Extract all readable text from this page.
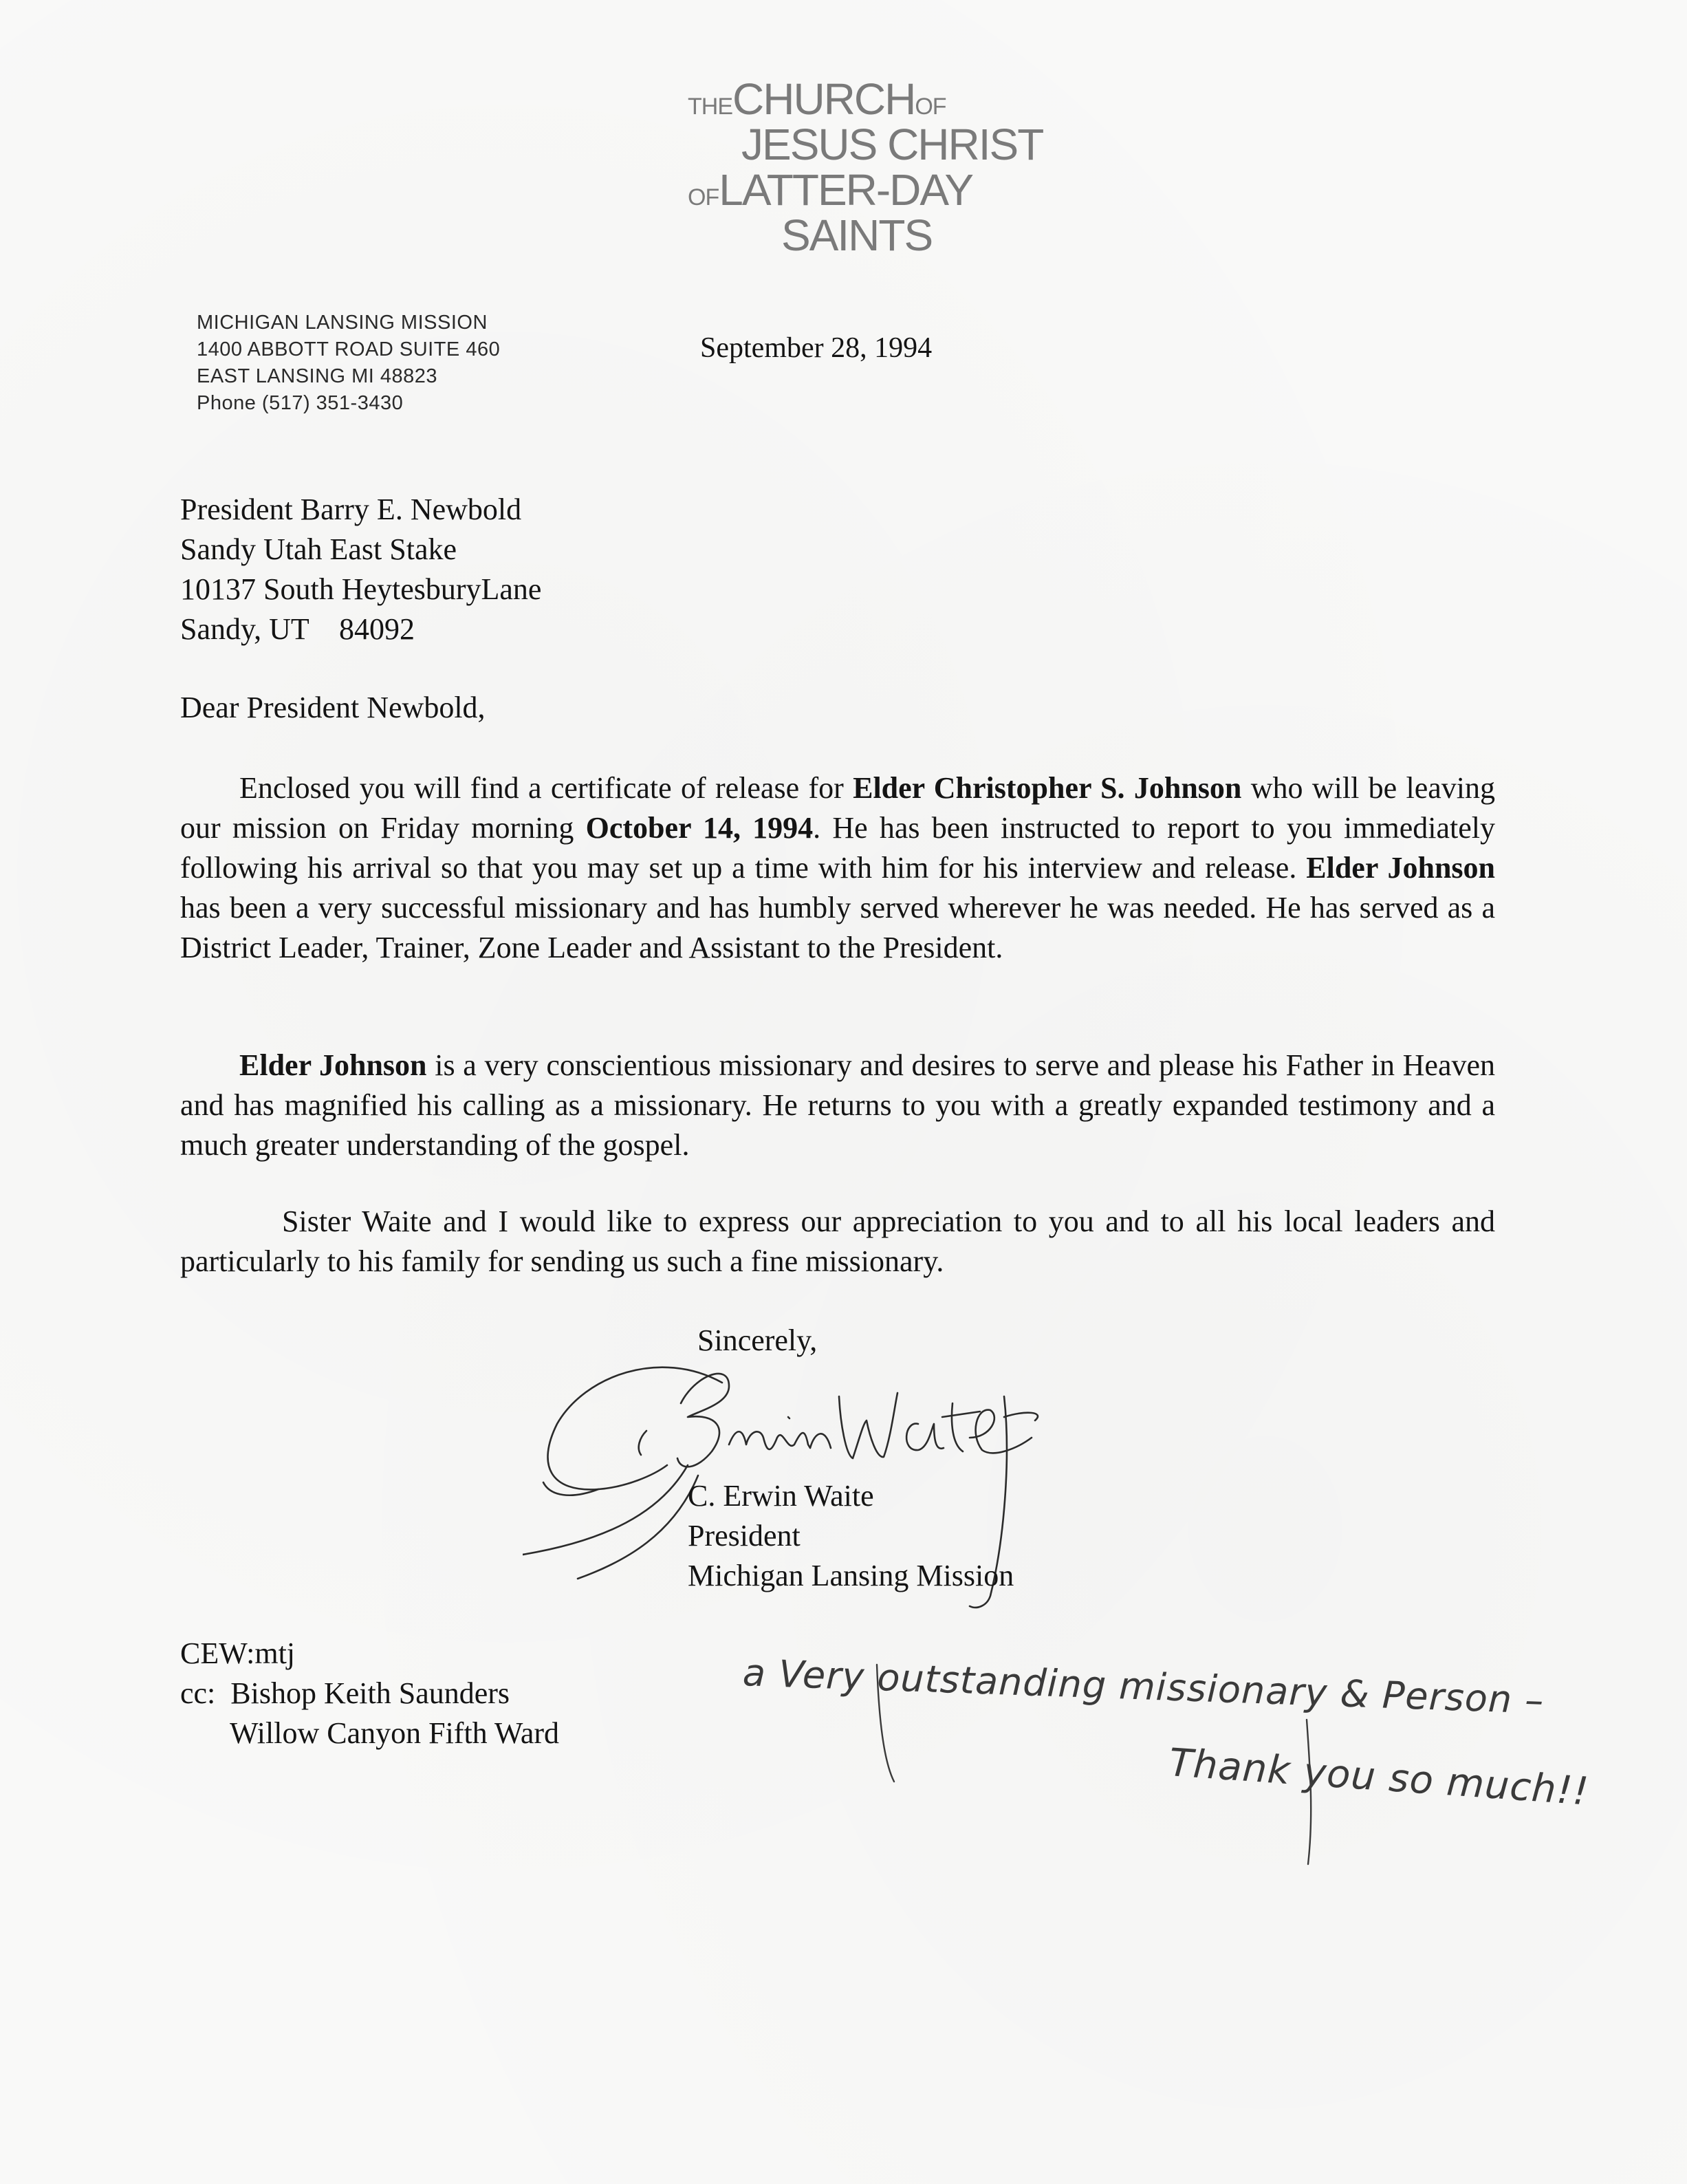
THECHURCHOF
JESUS CHRIST
OFLATTER-DAY
SAINTS
MICHIGAN LANSING MISSION
1400 ABBOTT ROAD SUITE 460
EAST LANSING MI 48823
Phone (517) 351-3430
September 28, 1994
President Barry E. Newbold
Sandy Utah East Stake
10137 South HeytesburyLane
Sandy, UT    84092
Dear President Newbold,
Enclosed you will find a certificate of release for Elder Christopher S. Johnson who will be leaving our mission on Friday morning October 14, 1994. He has been instructed to report to you immediately following his arrival so that you may set up a time with him for his interview and release. Elder Johnson has been a very successful missionary and has humbly served wherever he was needed. He has served as a District Leader, Trainer, Zone Leader and Assistant to the President.
Elder Johnson is a very conscientious missionary and desires to serve and please his Father in Heaven and has magnified his calling as a missionary. He returns to you with a greatly expanded testimony and a much greater understanding of the gospel.
Sister Waite and I would like to express our appreciation to you and to all his local leaders and particularly to his family for sending us such a fine missionary.
Sincerely,
C. Erwin Waite
President
Michigan Lansing Mission
CEW:mtj
cc:  Bishop Keith Saunders
Willow Canyon Fifth Ward
a Very outstanding missionary & Person –
Thank you so much!!
